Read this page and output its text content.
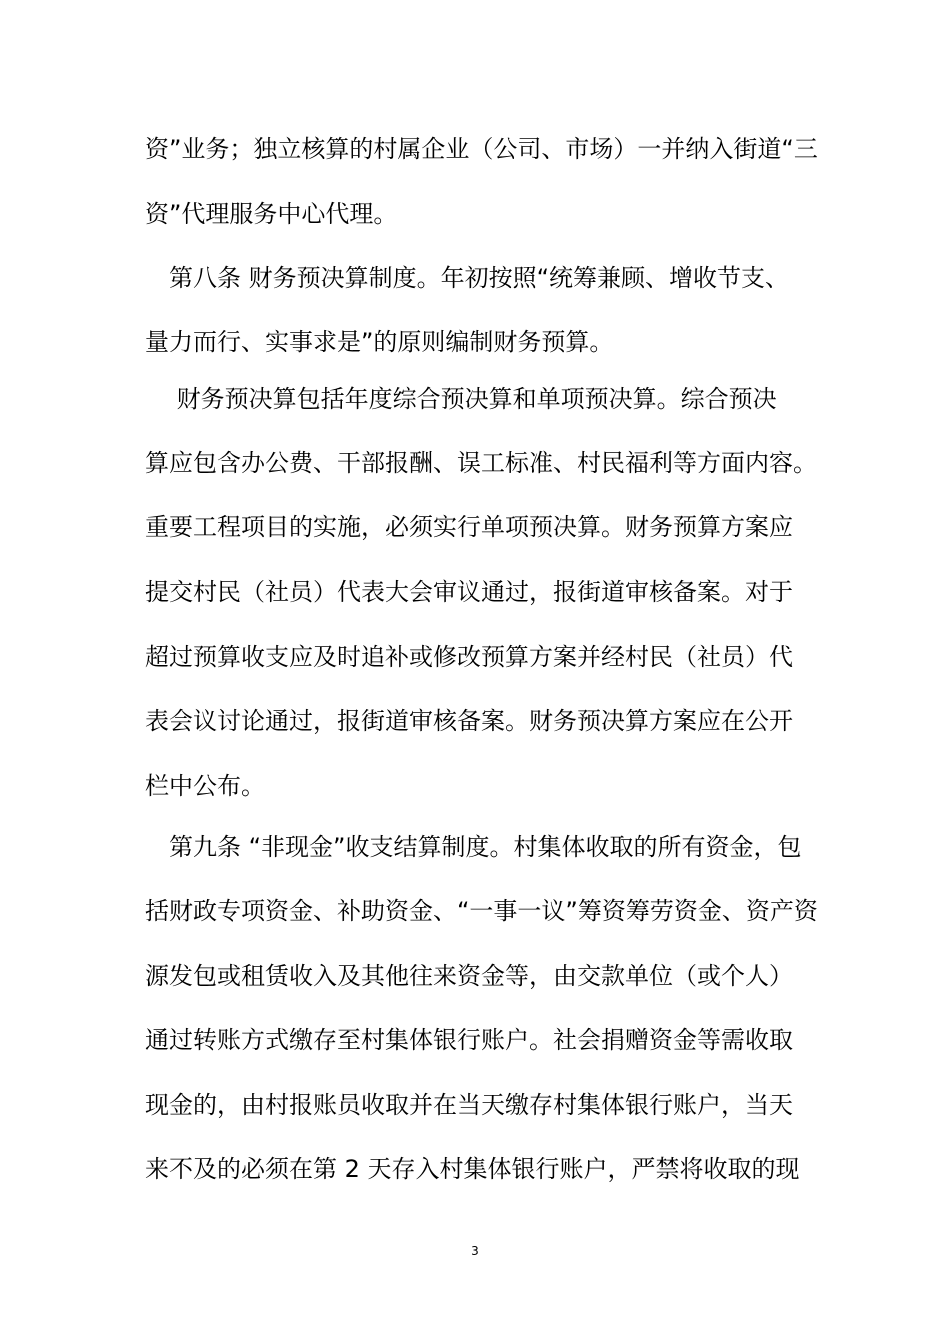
资”业务；独立核算的村属企业（公司、市场）一并纳入街道“三
资”代理服务中心代理。
　第八条 财务预决算制度。年初按照“统筹兼顾、增收节支、
量力而行、实事求是”的原则编制财务预算。
　 财务预决算包括年度综合预决算和单项预决算。综合预决
算应包含办公费、干部报酬、误工标准、村民福利等方面内容。
重要工程项目的实施，必须实行单项预决算。财务预算方案应
提交村民（社员）代表大会审议通过，报街道审核备案。对于
超过预算收支应及时追补或修改预算方案并经村民（社员）代
表会议讨论通过，报街道审核备案。财务预决算方案应在公开
栏中公布。
　第九条 “非现金”收支结算制度。村集体收取的所有资金，包
括财政专项资金、补助资金、“一事一议”筹资筹劳资金、资产资
源发包或租赁收入及其他往来资金等，由交款单位（或个人）
通过转账方式缴存至村集体银行账户。社会捐赠资金等需收取
现金的，由村报账员收取并在当天缴存村集体银行账户，当天
来不及的必须在第 2 天存入村集体银行账户，严禁将收取的现
3
